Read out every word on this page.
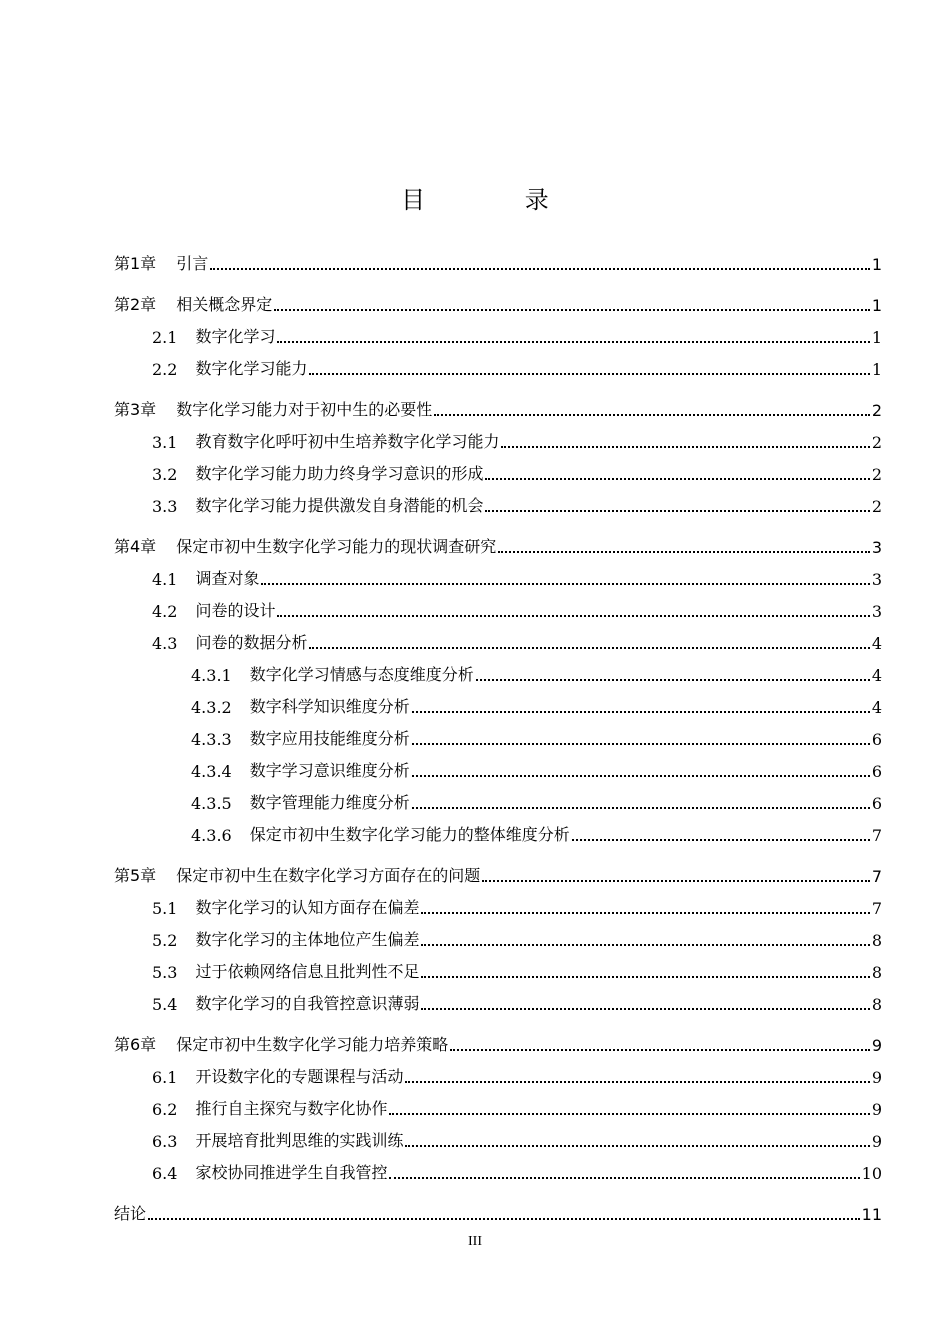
目 录
第1章 引言	1
第2章 相关概念界定	1
2.1 数字化学习	1
2.2 数字化学习能力	1
第3章 数字化学习能力对于初中生的必要性	2
3.1 教育数字化呼吁初中生培养数字化学习能力	2
3.2 数字化学习能力助力终身学习意识的形成	2
3.3 数字化学习能力提供激发自身潜能的机会	2
第4章 保定市初中生数字化学习能力的现状调查研究	3
4.1 调查对象	3
4.2 问卷的设计	3
4.3 问卷的数据分析	4
4.3.1 数字化学习情感与态度维度分析	4
4.3.2 数字科学知识维度分析	4
4.3.3 数字应用技能维度分析	6
4.3.4 数字学习意识维度分析	6
4.3.5 数字管理能力维度分析	6
4.3.6 保定市初中生数字化学习能力的整体维度分析	7
第5章 保定市初中生在数字化学习方面存在的问题	7
5.1 数字化学习的认知方面存在偏差	7
5.2 数字化学习的主体地位产生偏差	8
5.3 过于依赖网络信息且批判性不足	8
5.4 数字化学习的自我管控意识薄弱	8
第6章 保定市初中生数字化学习能力培养策略	9
6.1 开设数字化的专题课程与活动	9
6.2 推行自主探究与数字化协作	9
6.3 开展培育批判思维的实践训练	9
6.4 家校协同推进学生自我管控	10
结论	11
III
